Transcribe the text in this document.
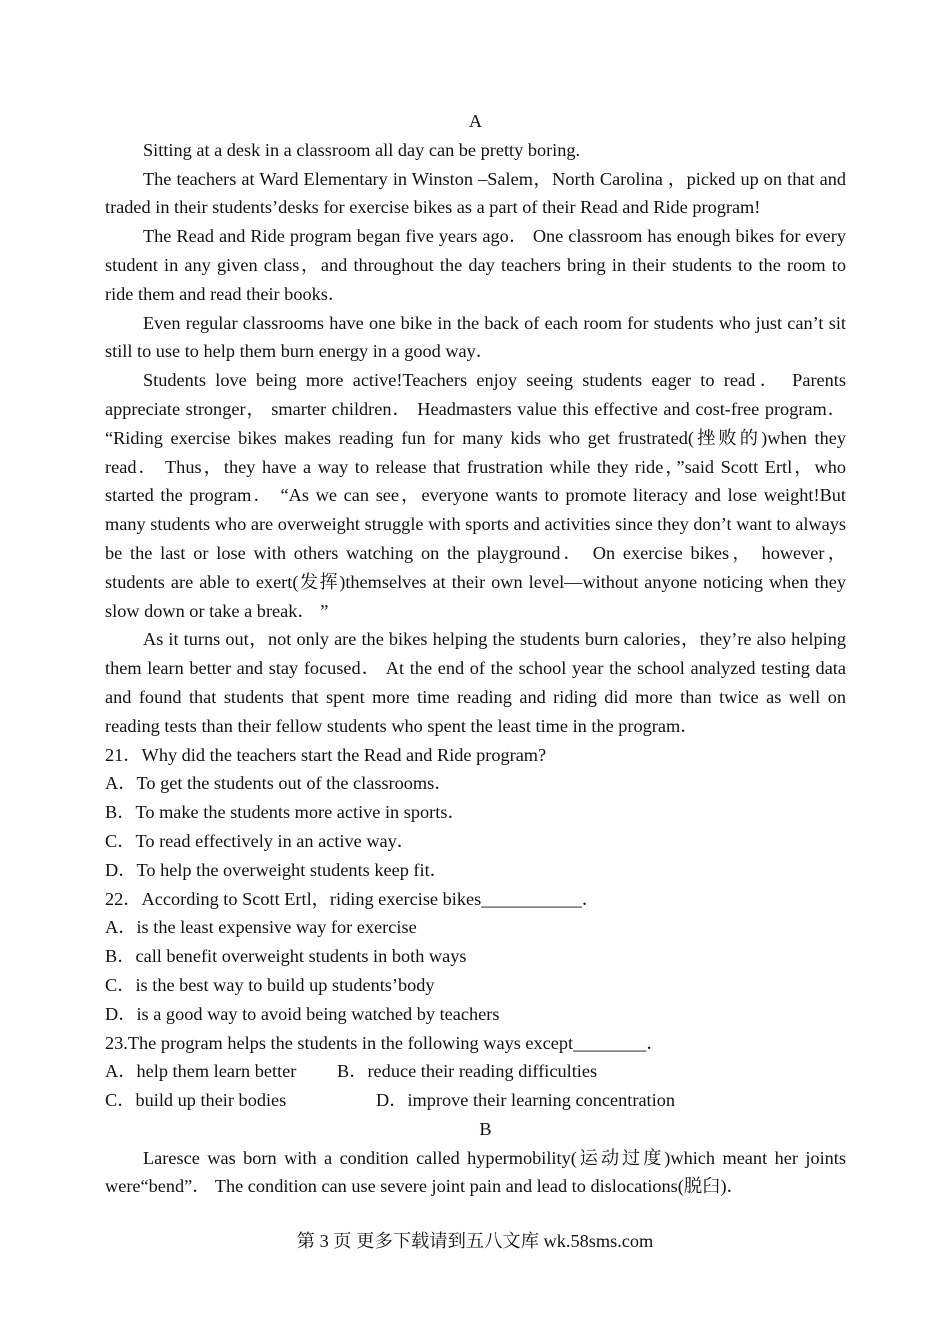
A

Sitting at a desk in a classroom all day can be pretty boring.

The teachers at Ward Elementary in Winston –Salem，North Carolina ，picked up on that and traded in their students’desks for exercise bikes as a part of their Read and Ride program!

The Read and Ride program began five years ago． One classroom has enough bikes for every student in any given class，and throughout the day teachers bring in their students to the room to ride them and read their books．

Even regular classrooms have one bike in the back of each room for students who just can’t sit still to use to help them burn energy in a good way．

Students love being more active!Teachers enjoy seeing students eager to read． Parents appreciate stronger， smarter children． Headmasters value this effective and cost-free program． “Riding exercise bikes makes reading fun for many kids who get frustrated(挫败的)when they read． Thus，they have a way to release that frustration while they ride，”said Scott Ertl，who started the program． “As we can see，everyone wants to promote literacy and lose weight!But many students who are overweight struggle with sports and activities since they don’t want to always be the last or lose with others watching on the playground． On exercise bikes， however， students are able to exert(发挥)themselves at their own level—without anyone noticing when they slow down or take a break． ”

As it turns out，not only are the bikes helping the students burn calories，they’re also helping them learn better and stay focused． At the end of the school year the school analyzed testing data and found that students that spent more time reading and riding did more than twice as well on reading tests than their fellow students who spent the least time in the program．

21．Why did the teachers start the Read and Ride program?

A．To get the students out of the classrooms．

B．To make the students more active in sports．

C．To read effectively in an active way．

D．To help the overweight students keep fit．

22．According to Scott Ertl，riding exercise bikes___________．

A．is the least expensive way for exercise

B．call benefit overweight students in both ways

C．is the best way to build up students’body

D．is a good way to avoid being watched by teachers

23.The program helps the students in the following ways except________．

A．help them learn better	B．reduce their reading difficulties
C．build up their bodies	D．improve their learning concentration

B

Laresce was born with a condition called hypermobility(运动过度)which meant her joints were“bend”． The condition can use severe joint pain and lead to dislocations(脱臼)．

第 3 页 更多下载请到五八文库 wk.58sms.com
